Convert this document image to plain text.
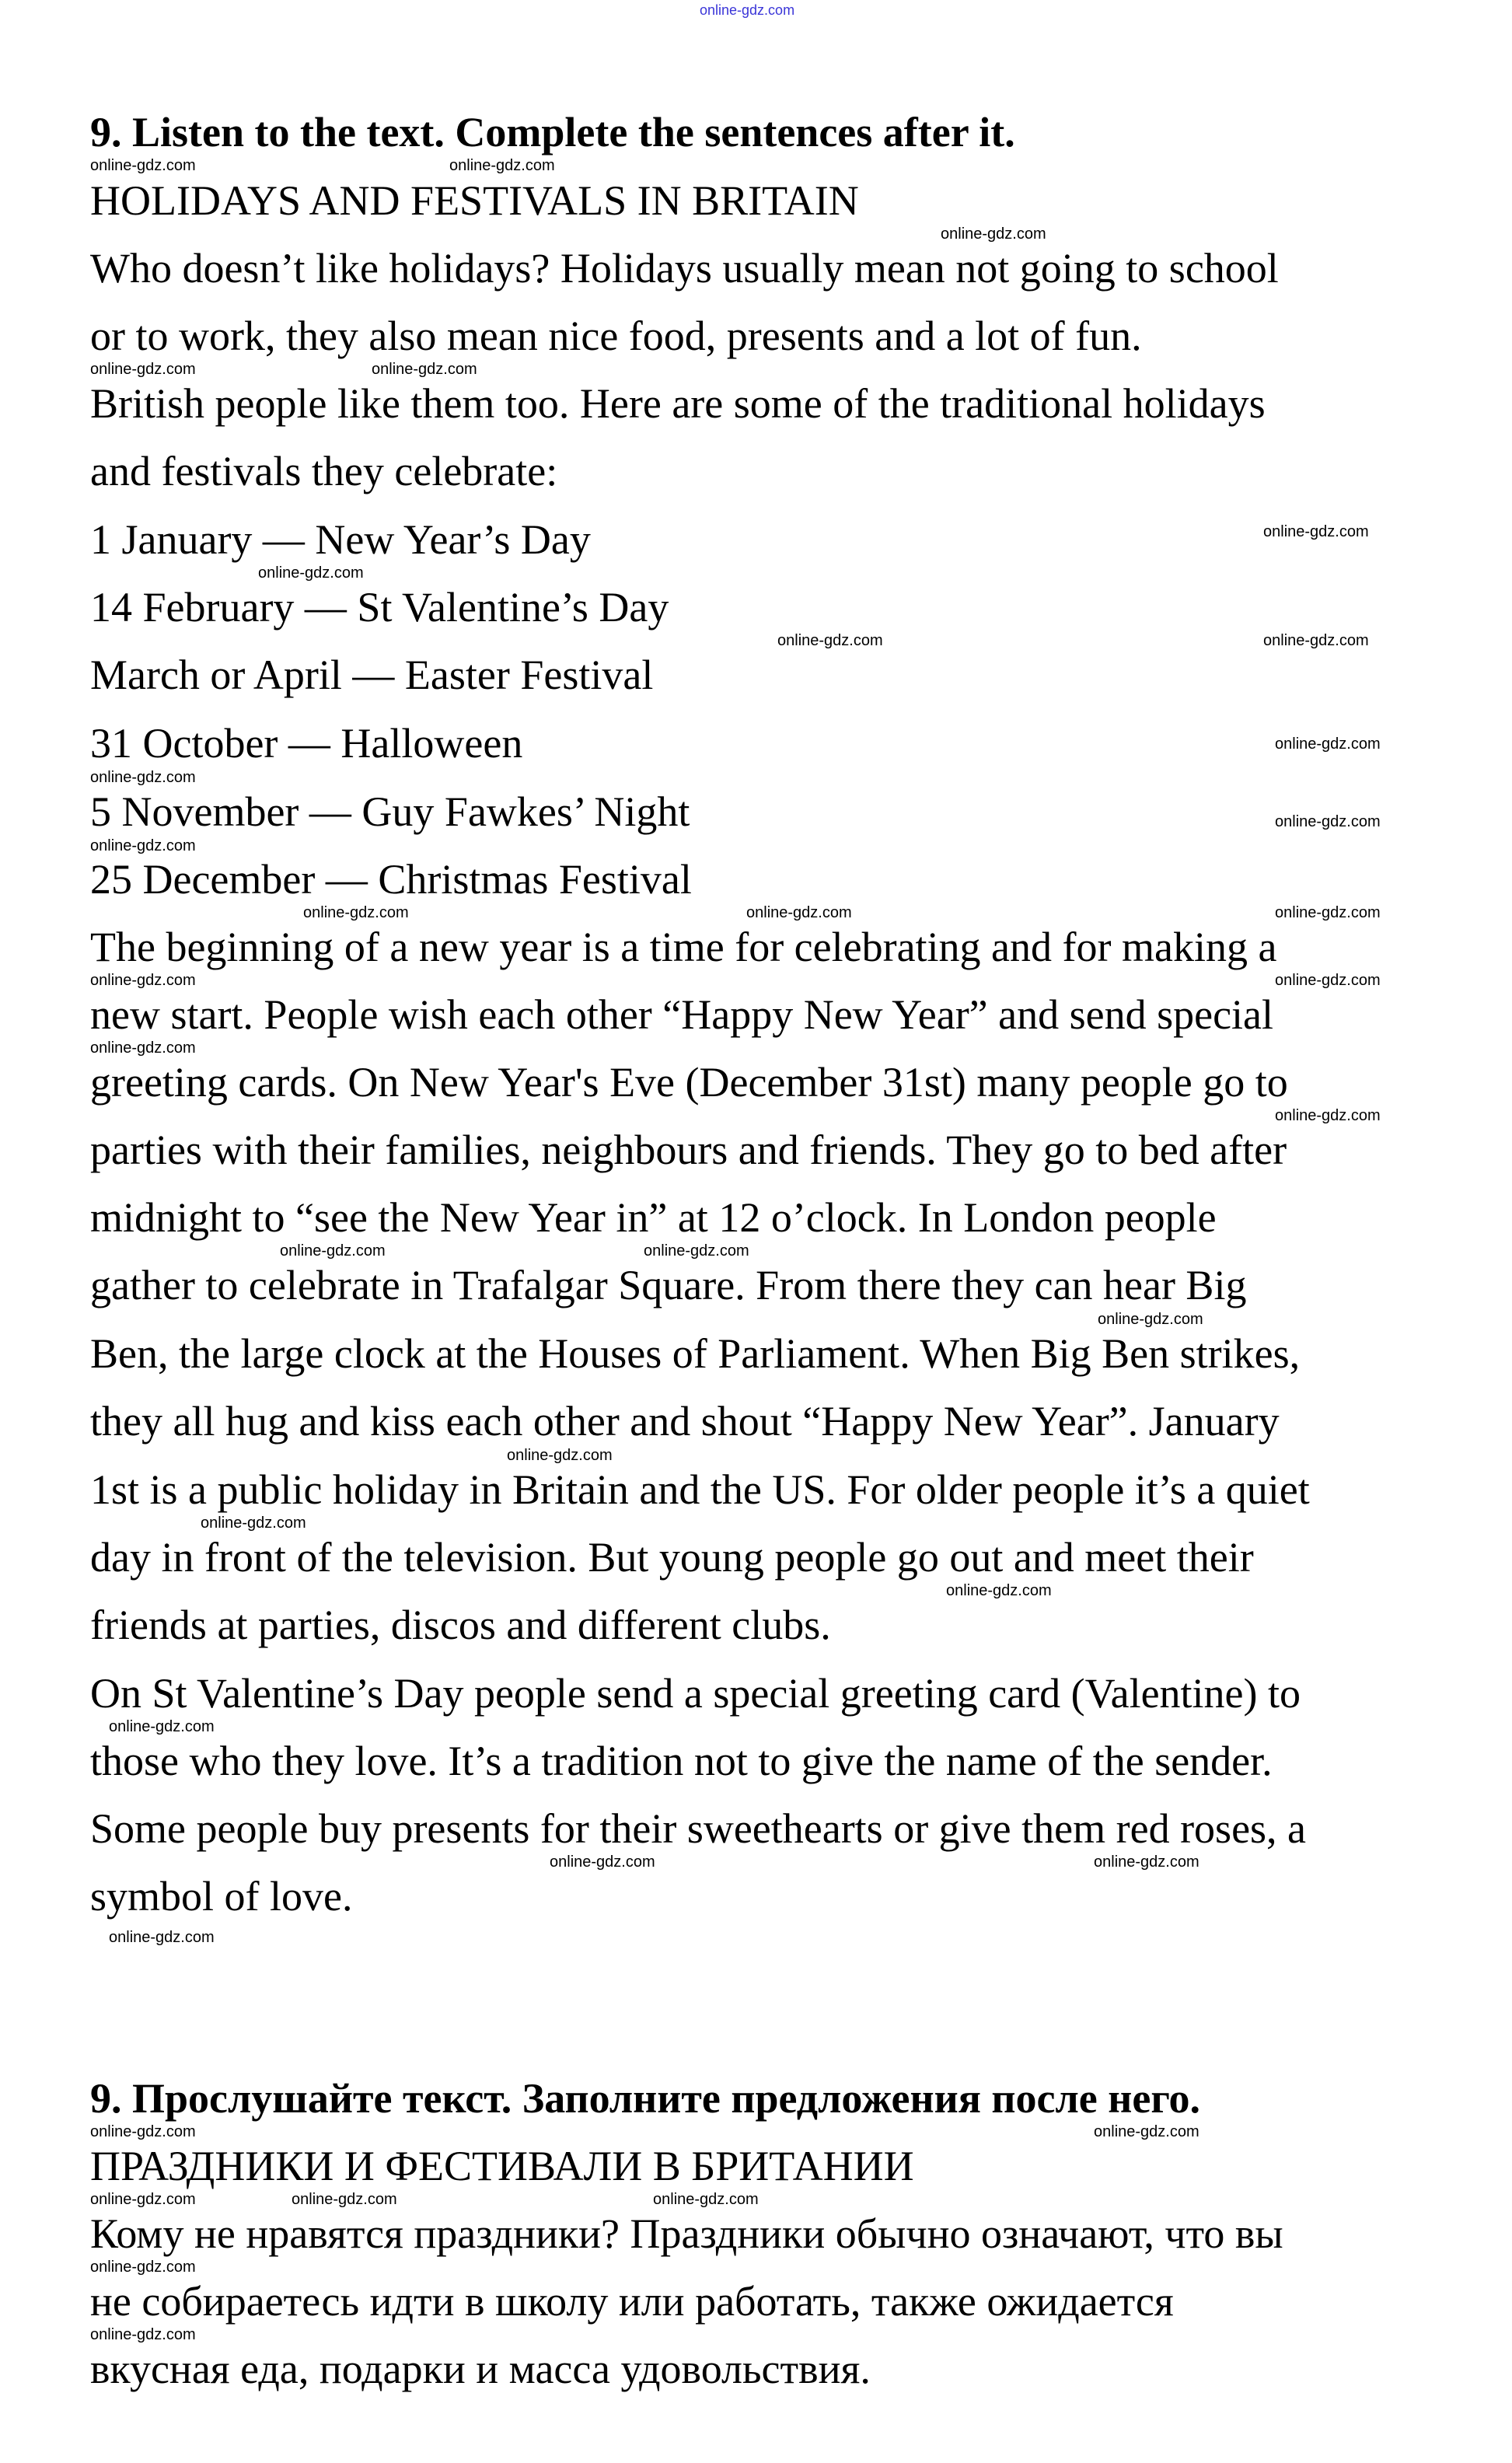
online-gdz.com
9. Listen to the text. Complete the sentences after it.
HOLIDAYS AND FESTIVALS IN BRITAIN
Who doesn’t like holidays? Holidays usually mean not going to school
or to work, they also mean nice food, presents and a lot of fun.
British people like them too. Here are some of the traditional holidays
and festivals they celebrate:
1 January — New Year’s Day
14 February — St Valentine’s Day
March or April — Easter Festival
31 October — Halloween
5 November — Guy Fawkes’ Night
25 December — Christmas Festival
The beginning of a new year is a time for celebrating and for making a
new start. People wish each other “Happy New Year” and send special
greeting cards. On New Year's Eve (December 31st) many people go to
parties with their families, neighbours and friends. They go to bed after
midnight to “see the New Year in” at 12 o’clock. In London people
gather to celebrate in Trafalgar Square. From there they can hear Big
Ben, the large clock at the Houses of Parliament. When Big Ben strikes,
they all hug and kiss each other and shout “Happy New Year”. January
1st is a public holiday in Britain and the US. For older people it’s a quiet
day in front of the television. But young people go out and meet their
friends at parties, discos and different clubs.
On St Valentine’s Day people send a special greeting card (Valentine) to
those who they love. It’s a tradition not to give the name of the sender.
Some people buy presents for their sweethearts or give them red roses, a
symbol of love.
9. Прослушайте текст. Заполните предложения после него.
ПРАЗДНИКИ И ФЕСТИВАЛИ В БРИТАНИИ
Кому не нравятся праздники? Праздники обычно означают, что вы
не собираетесь идти в школу или работать, также ожидается
вкусная еда, подарки и масса удовольствия.
online-gdz.com	online-gdz.com
online-gdz.com
online-gdz.com	online-gdz.com
online-gdz.com
online-gdz.com
online-gdz.com	online-gdz.com
online-gdz.com
online-gdz.com
online-gdz.com
online-gdz.com
online-gdz.com	online-gdz.com	online-gdz.com
online-gdz.com
online-gdz.com
online-gdz.com
online-gdz.com
online-gdz.com	online-gdz.com
online-gdz.com
online-gdz.com
online-gdz.com
online-gdz.com
online-gdz.com
online-gdz.com	online-gdz.com
online-gdz.com
online-gdz.com	online-gdz.com
online-gdz.com	online-gdz.com	online-gdz.com
online-gdz.com
online-gdz.com
